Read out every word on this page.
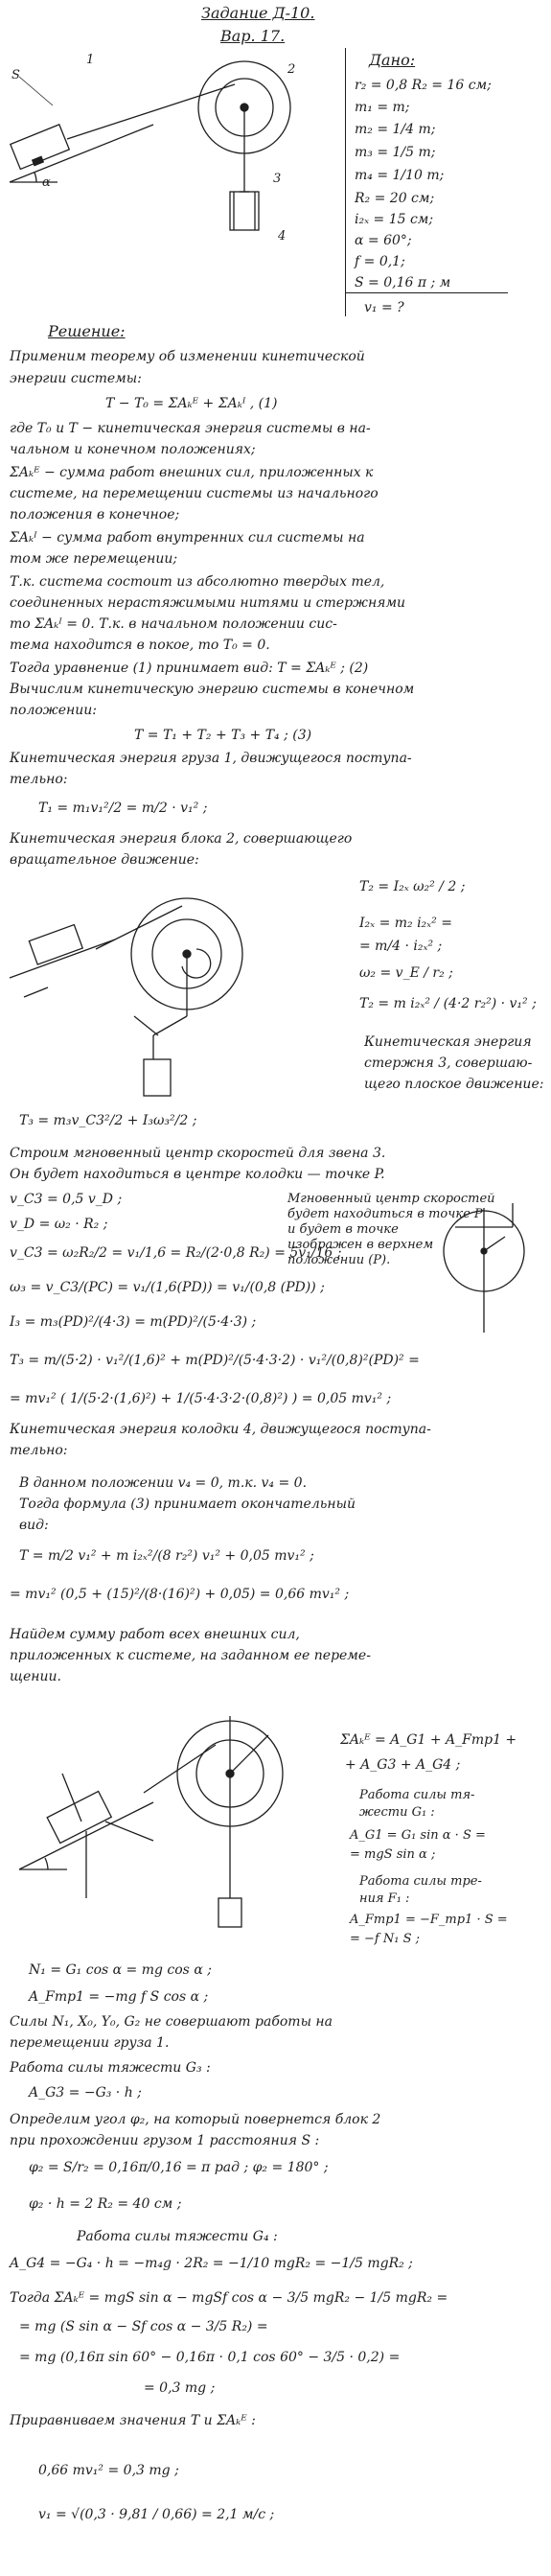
Задание Д-10.
Вар. 17.
S
1
2
3
4
α
Дано:
r₂ = 0,8 R₂ = 16 см;
m₁ = m;
m₂ = 1/4 m;
m₃ = 1/5 m;
m₄ = 1/10 m;
R₂ = 20 см;
i₂ₓ = 15 см;
α = 60°;
f = 0,1;
S = 0,16 π ; м
v₁ = ?
Решение:
Применим теорему об изменении кинетической
энергии системы:
T − T₀ = ΣAₖᴱ + ΣAₖᴵ , (1)
где T₀ и T − кинетическая энергия системы в на-
чальном и конечном положениях;
ΣAₖᴱ − сумма работ внешних сил, приложенных к
системе, на перемещении системы из начального
положения в конечное;
ΣAₖᴵ − сумма работ внутренних сил системы на
том же перемещении;
Т.к. система состоит из абсолютно твердых тел,
соединенных нерастяжимыми нитями и стержнями
то ΣAₖᴵ = 0. Т.к. в начальном положении сис-
тема находится в покое, то T₀ = 0.
Тогда уравнение (1) принимает вид: T = ΣAₖᴱ ; (2)
Вычислим кинетическую энергию системы в конечном
положении:
T = T₁ + T₂ + T₃ + T₄ ; (3)
Кинетическая энергия груза 1, движущегося поступа-
тельно:
T₁ = m₁v₁²/2 = m/2 · v₁² ;
Кинетическая энергия блока 2, совершающего
вращательное движение:
T₂ = I₂ₓ ω₂² / 2 ;
I₂ₓ = m₂ i₂ₓ² =
= m/4 · i₂ₓ² ;
ω₂ = v_E / r₂ ;
T₂ = m i₂ₓ² / (4·2 r₂²) · v₁² ;
Кинетическая энергия
стержня 3, совершаю-
щего плоское движение:
T₃ = m₃v_C3²/2 + I₃ω₃²/2 ;
Строим мгновенный центр скоростей для звена 3.
Он будет находиться в центре колодки — точке P.
v_C3 = 0,5 v_D ;
v_D = ω₂ · R₂ ;
v_C3 = ω₂R₂/2 = v₁/1,6 = R₂/(2·0,8 R₂) = 5v₁/16 ;
ω₃ = v_C3/(PC) = v₁/(1,6(PD)) = v₁/(0,8 (PD)) ;
I₃ = m₃(PD)²/(4·3) = m(PD)²/(5·4·3) ;
T₃ = m/(5·2) · v₁²/(1,6)² + m(PD)²/(5·4·3·2) · v₁²/(0,8)²(PD)² =
= mv₁² ( 1/(5·2·(1,6)²) + 1/(5·4·3·2·(0,8)²) ) = 0,05 mv₁² ;
Кинетическая энергия колодки 4, движущегося поступа-
тельно:
В данном положении v₄ = 0, т.к. v₄ = 0.
Тогда формула (3) принимает окончательный
вид:
T = m/2 v₁² + m i₂ₓ²/(8 r₂²) v₁² + 0,05 mv₁² ;
= mv₁² (0,5 + (15)²/(8·(16)²) + 0,05) = 0,66 mv₁² ;
Найдем сумму работ всех внешних сил,
приложенных к системе, на заданном ее переме-
щении.
Мгновенный центр скоростей
будет находиться в точке P
и будет в точке
изображен в верхнем
положении (P).
ΣAₖᴱ = A_G1 + A_Fтр1 +
+ A_G3 + A_G4 ;
Работа силы тя-
жести G₁ :
A_G1 = G₁ sin α · S =
= mgS sin α ;
Работа силы тре-
ния F₁ :
A_Fтр1 = −F_тр1 · S =
= −f N₁ S ;
N₁ = G₁ cos α = mg cos α ;
A_Fтр1 = −mg f S cos α ;
Силы N₁, X₀, Y₀, G₂ не совершают работы на
перемещении груза 1.
Работа силы тяжести G₃ :
A_G3 = −G₃ · h ;
Определим угол φ₂, на который повернется блок 2
при прохождении грузом 1 расстояния S :
φ₂ = S/r₂ = 0,16π/0,16 = π рад ; φ₂ = 180° ;
φ₂ · h = 2 R₂ = 40 см ;
Работа силы тяжести G₄ :
A_G4 = −G₄ · h = −m₄g · 2R₂ = −1/10 mgR₂ = −1/5 mgR₂ ;
Тогда ΣAₖᴱ = mgS sin α − mgSf cos α − 3/5 mgR₂ − 1/5 mgR₂ =
= mg (S sin α − Sf cos α − 3/5 R₂) =
= mg (0,16π sin 60° − 0,16π · 0,1 cos 60° − 3/5 · 0,2) =
= 0,3 mg ;
Приравниваем значения T и ΣAₖᴱ :
0,66 mv₁² = 0,3 mg ;
v₁ = √(0,3 · 9,81 / 0,66) = 2,1 м/с ;
